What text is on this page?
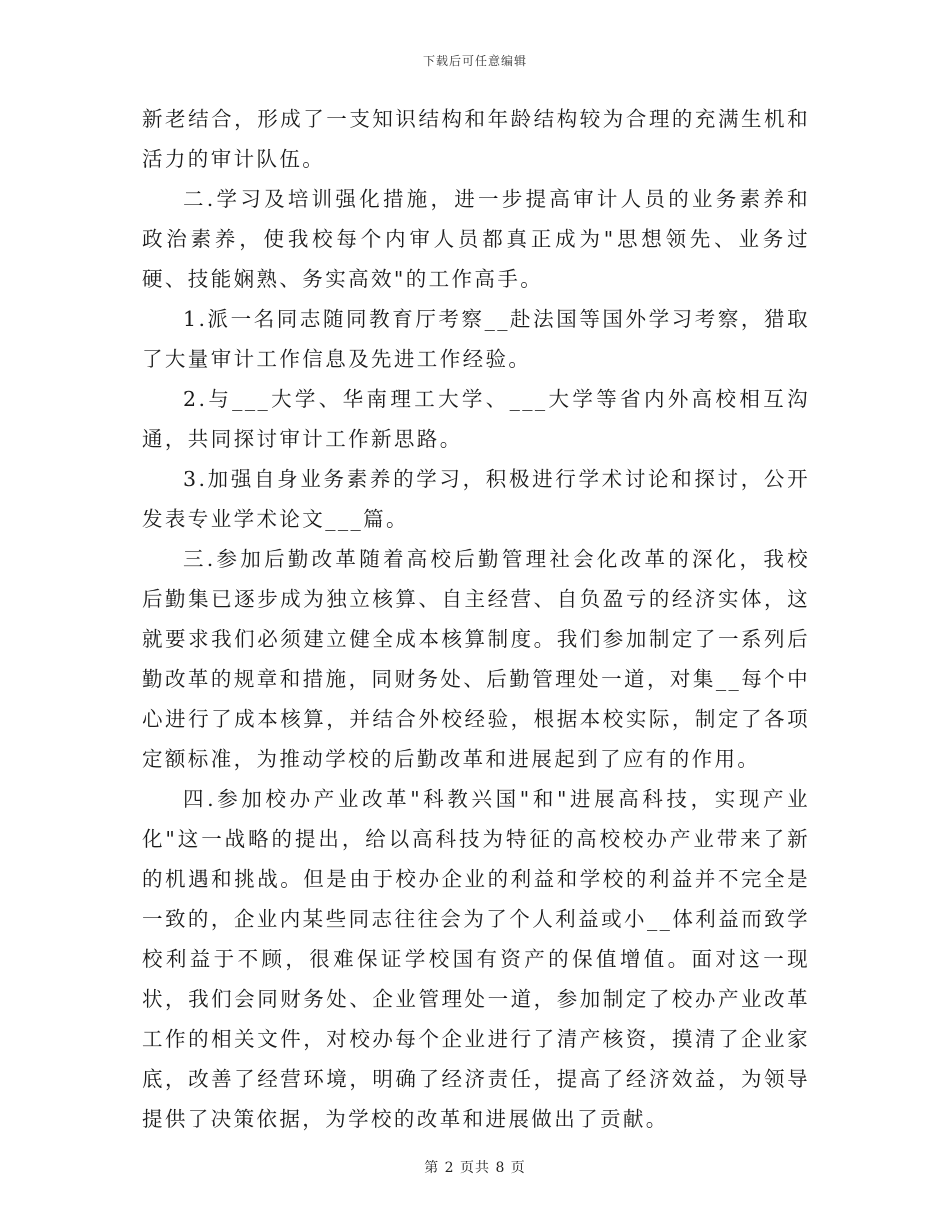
下载后可任意编辑

新老结合，形成了一支知识结构和年龄结构较为合理的充满生机和活力的审计队伍。

二.学习及培训强化措施，进一步提高审计人员的业务素养和政治素养，使我校每个内审人员都真正成为"思想领先、业务过硬、技能娴熟、务实高效"的工作高手。

1.派一名同志随同教育厅考察__赴法国等国外学习考察，猎取了大量审计工作信息及先进工作经验。

2.与___大学、华南理工大学、___大学等省内外高校相互沟通，共同探讨审计工作新思路。

3.加强自身业务素养的学习，积极进行学术讨论和探讨，公开发表专业学术论文___篇。

三.参加后勤改革随着高校后勤管理社会化改革的深化，我校后勤集已逐步成为独立核算、自主经营、自负盈亏的经济实体，这就要求我们必须建立健全成本核算制度。我们参加制定了一系列后勤改革的规章和措施，同财务处、后勤管理处一道，对集__每个中心进行了成本核算，并结合外校经验，根据本校实际，制定了各项定额标准，为推动学校的后勤改革和进展起到了应有的作用。

四.参加校办产业改革"科教兴国"和"进展高科技，实现产业化"这一战略的提出，给以高科技为特征的高校校办产业带来了新的机遇和挑战。但是由于校办企业的利益和学校的利益并不完全是一致的，企业内某些同志往往会为了个人利益或小__体利益而致学校利益于不顾，很难保证学校国有资产的保值增值。面对这一现状，我们会同财务处、企业管理处一道，参加制定了校办产业改革工作的相关文件，对校办每个企业进行了清产核资，摸清了企业家底，改善了经营环境，明确了经济责任，提高了经济效益，为领导提供了决策依据，为学校的改革和进展做出了贡献。

第 2 页共 8 页
